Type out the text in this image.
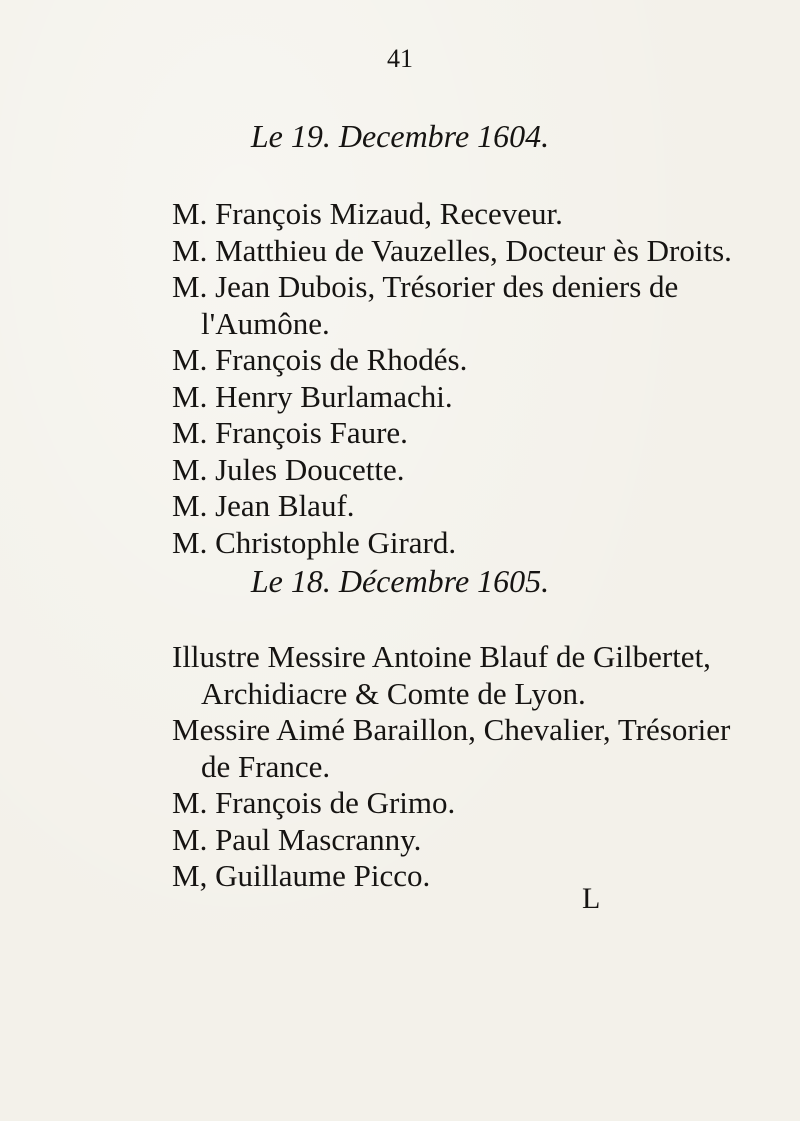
41
Le 19. Decembre 1604.
M. François Mizaud, Receveur.
M. Matthieu de Vauzelles, Docteur ès Droits.
M. Jean Dubois, Trésorier des deniers de
l'Aumône.
M. François de Rhodés.
M. Henry Burlamachi.
M. François Faure.
M. Jules Doucette.
M. Jean Blauf.
M. Christophle Girard.
Le 18. Décembre 1605.
Illustre Messire Antoine Blauf de Gilbertet,
Archidiacre & Comte de Lyon.
Messire Aimé Baraillon, Chevalier, Trésorier
de France.
M. François de Grimo.
M. Paul Mascranny.
M, Guillaume Picco.
L
